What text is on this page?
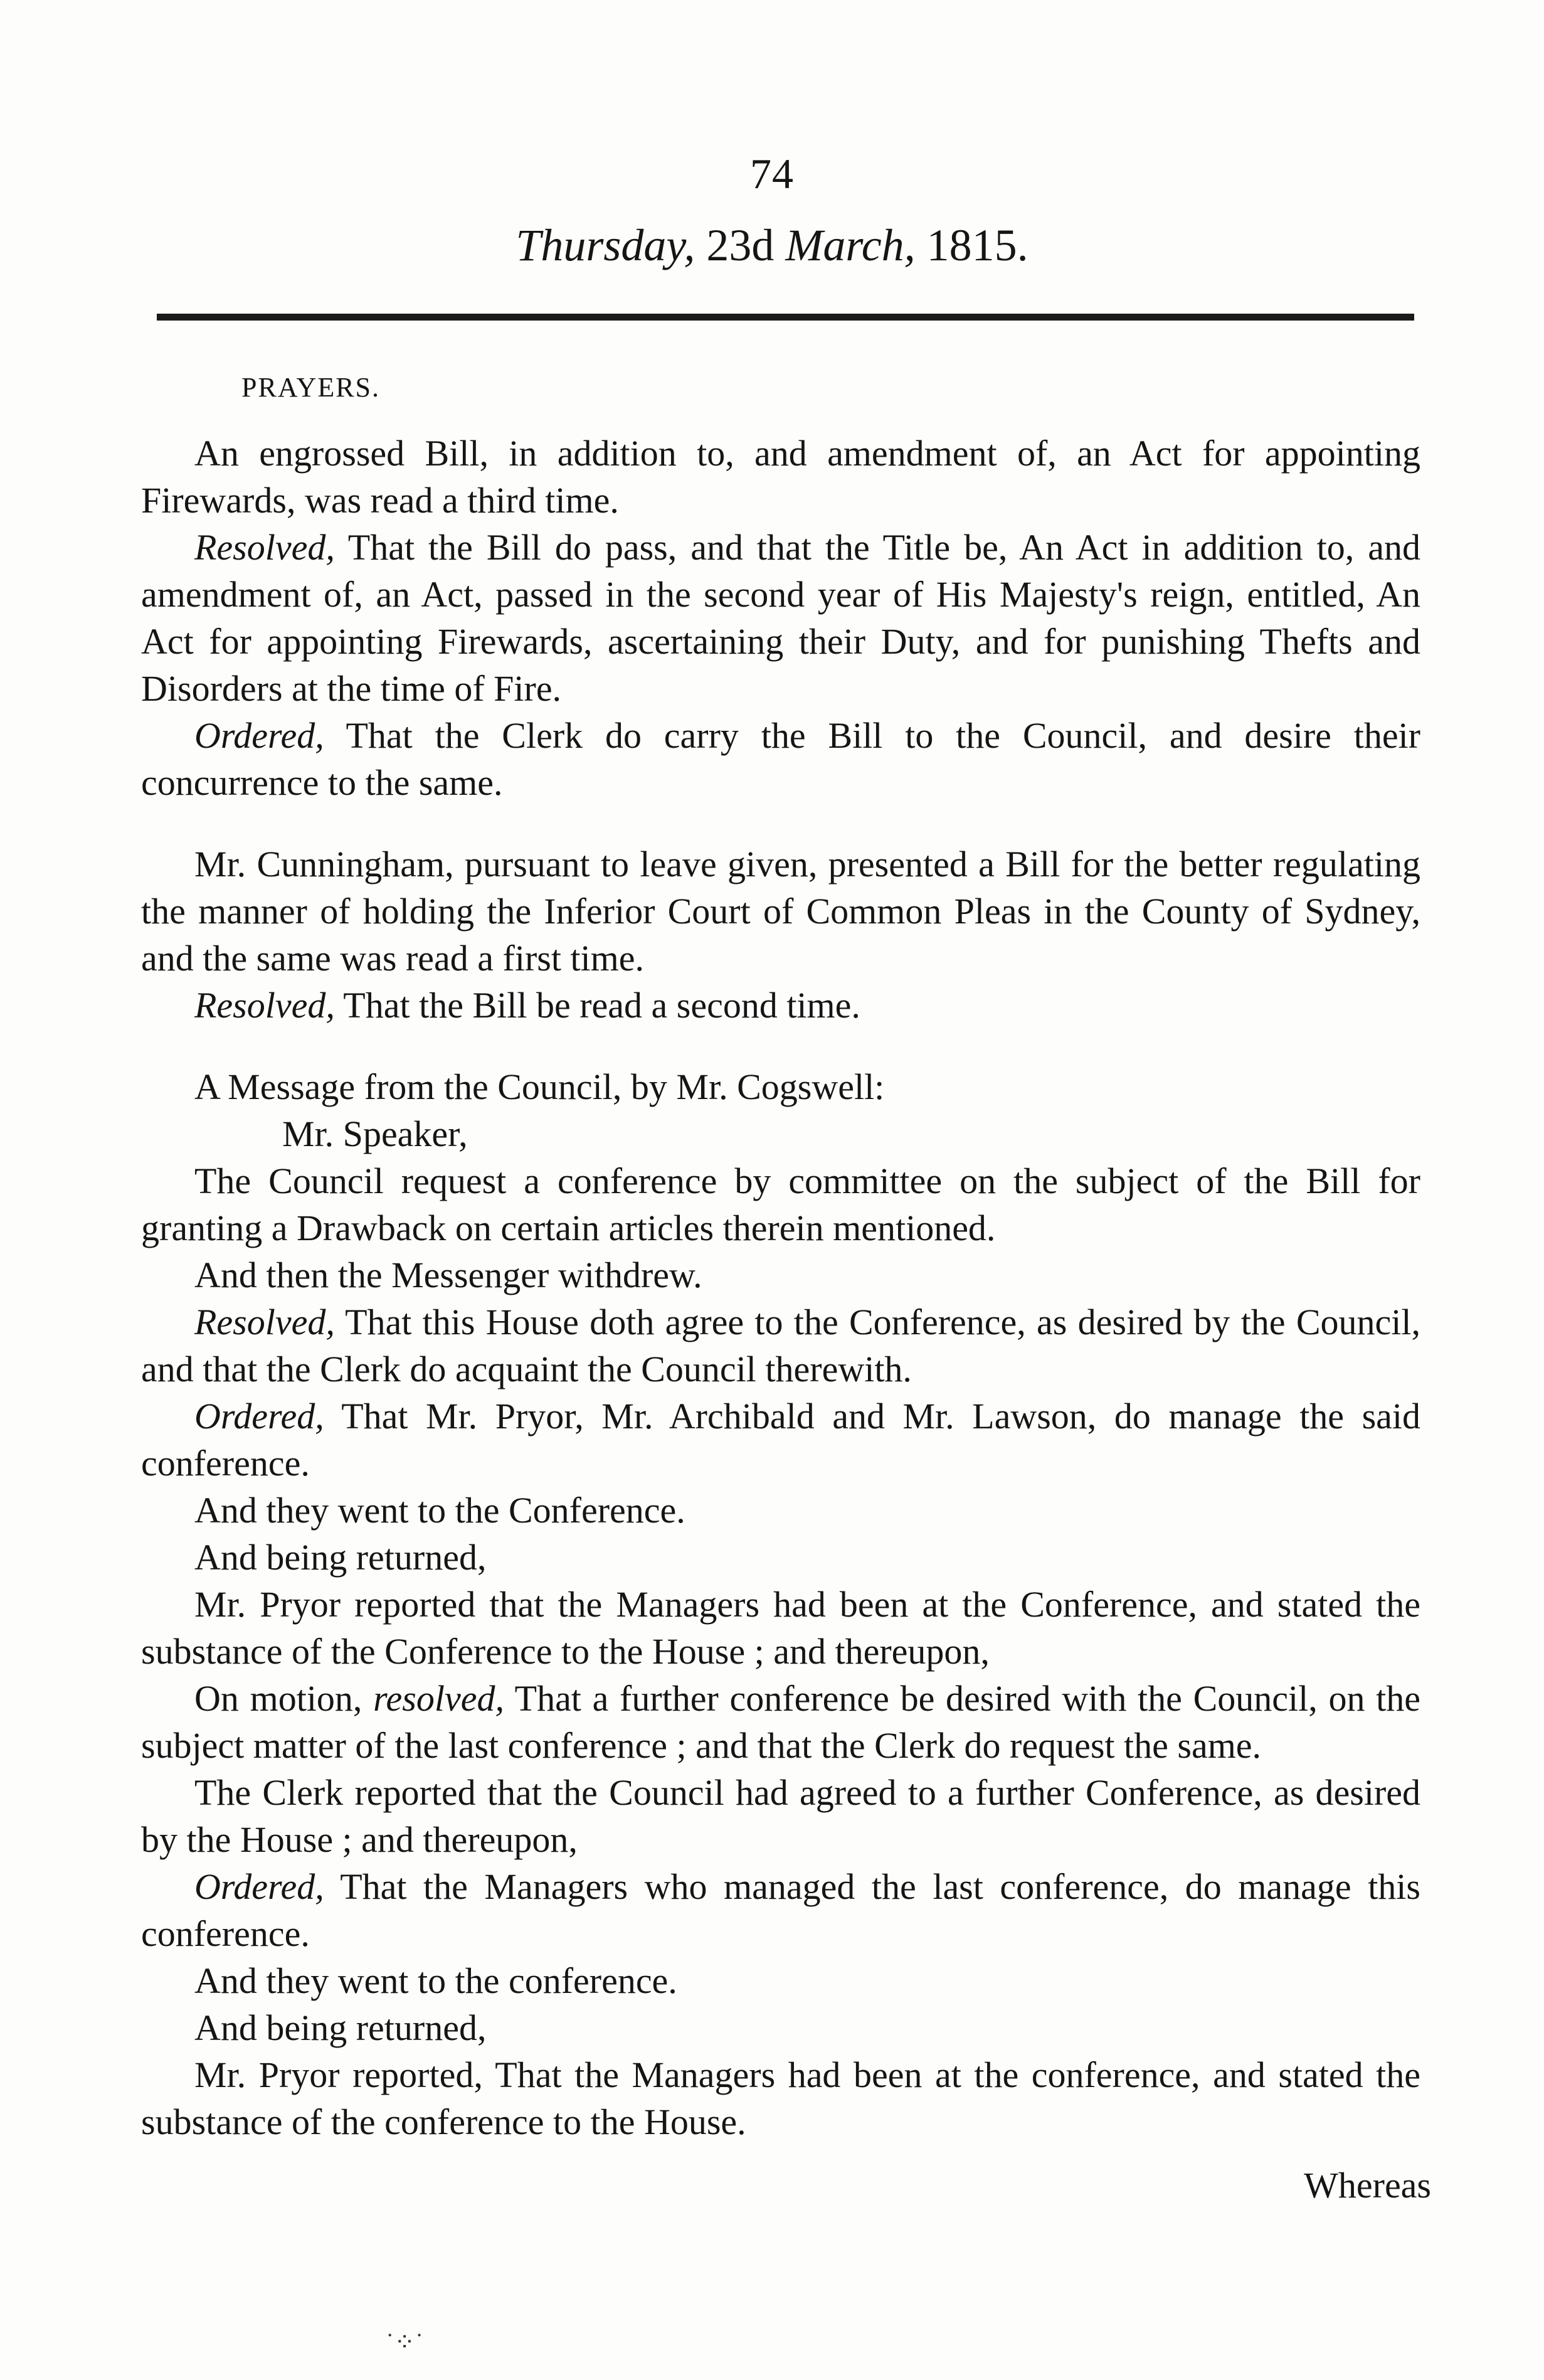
74
Thursday, 23d March, 1815.

PRAYERS.

An engrossed Bill, in addition to, and amendment of, an Act for appointing Firewards, was read a third time.

Resolved, That the Bill do pass, and that the Title be, An Act in addition to, and amendment of, an Act, passed in the second year of His Majesty's reign, entitled, An Act for appointing Firewards, ascertaining their Duty, and for punishing Thefts and Disorders at the time of Fire.

Ordered, That the Clerk do carry the Bill to the Council, and desire their concurrence to the same.

Mr. Cunningham, pursuant to leave given, presented a Bill for the better regulating the manner of holding the Inferior Court of Common Pleas in the County of Sydney, and the same was read a first time.

Resolved, That the Bill be read a second time.

A Message from the Council, by Mr. Cogswell:

Mr. Speaker,

The Council request a conference by committee on the subject of the Bill for granting a Drawback on certain articles therein mentioned.

And then the Messenger withdrew.

Resolved, That this House doth agree to the Conference, as desired by the Council, and that the Clerk do acquaint the Council therewith.

Ordered, That Mr. Pryor, Mr. Archibald and Mr. Lawson, do manage the said conference.

And they went to the Conference.

And being returned,

Mr. Pryor reported that the Managers had been at the Conference, and stated the substance of the Conference to the House ; and thereupon,

On motion, resolved, That a further conference be desired with the Council, on the subject matter of the last conference ; and that the Clerk do request the same.

The Clerk reported that the Council had agreed to a further Conference, as desired by the House ; and thereupon,

Ordered, That the Managers who managed the last conference, do manage this conference.

And they went to the conference.

And being returned,

Mr. Pryor reported, That the Managers had been at the conference, and stated the substance of the conference to the House.

Whereas
˙⁘˙
